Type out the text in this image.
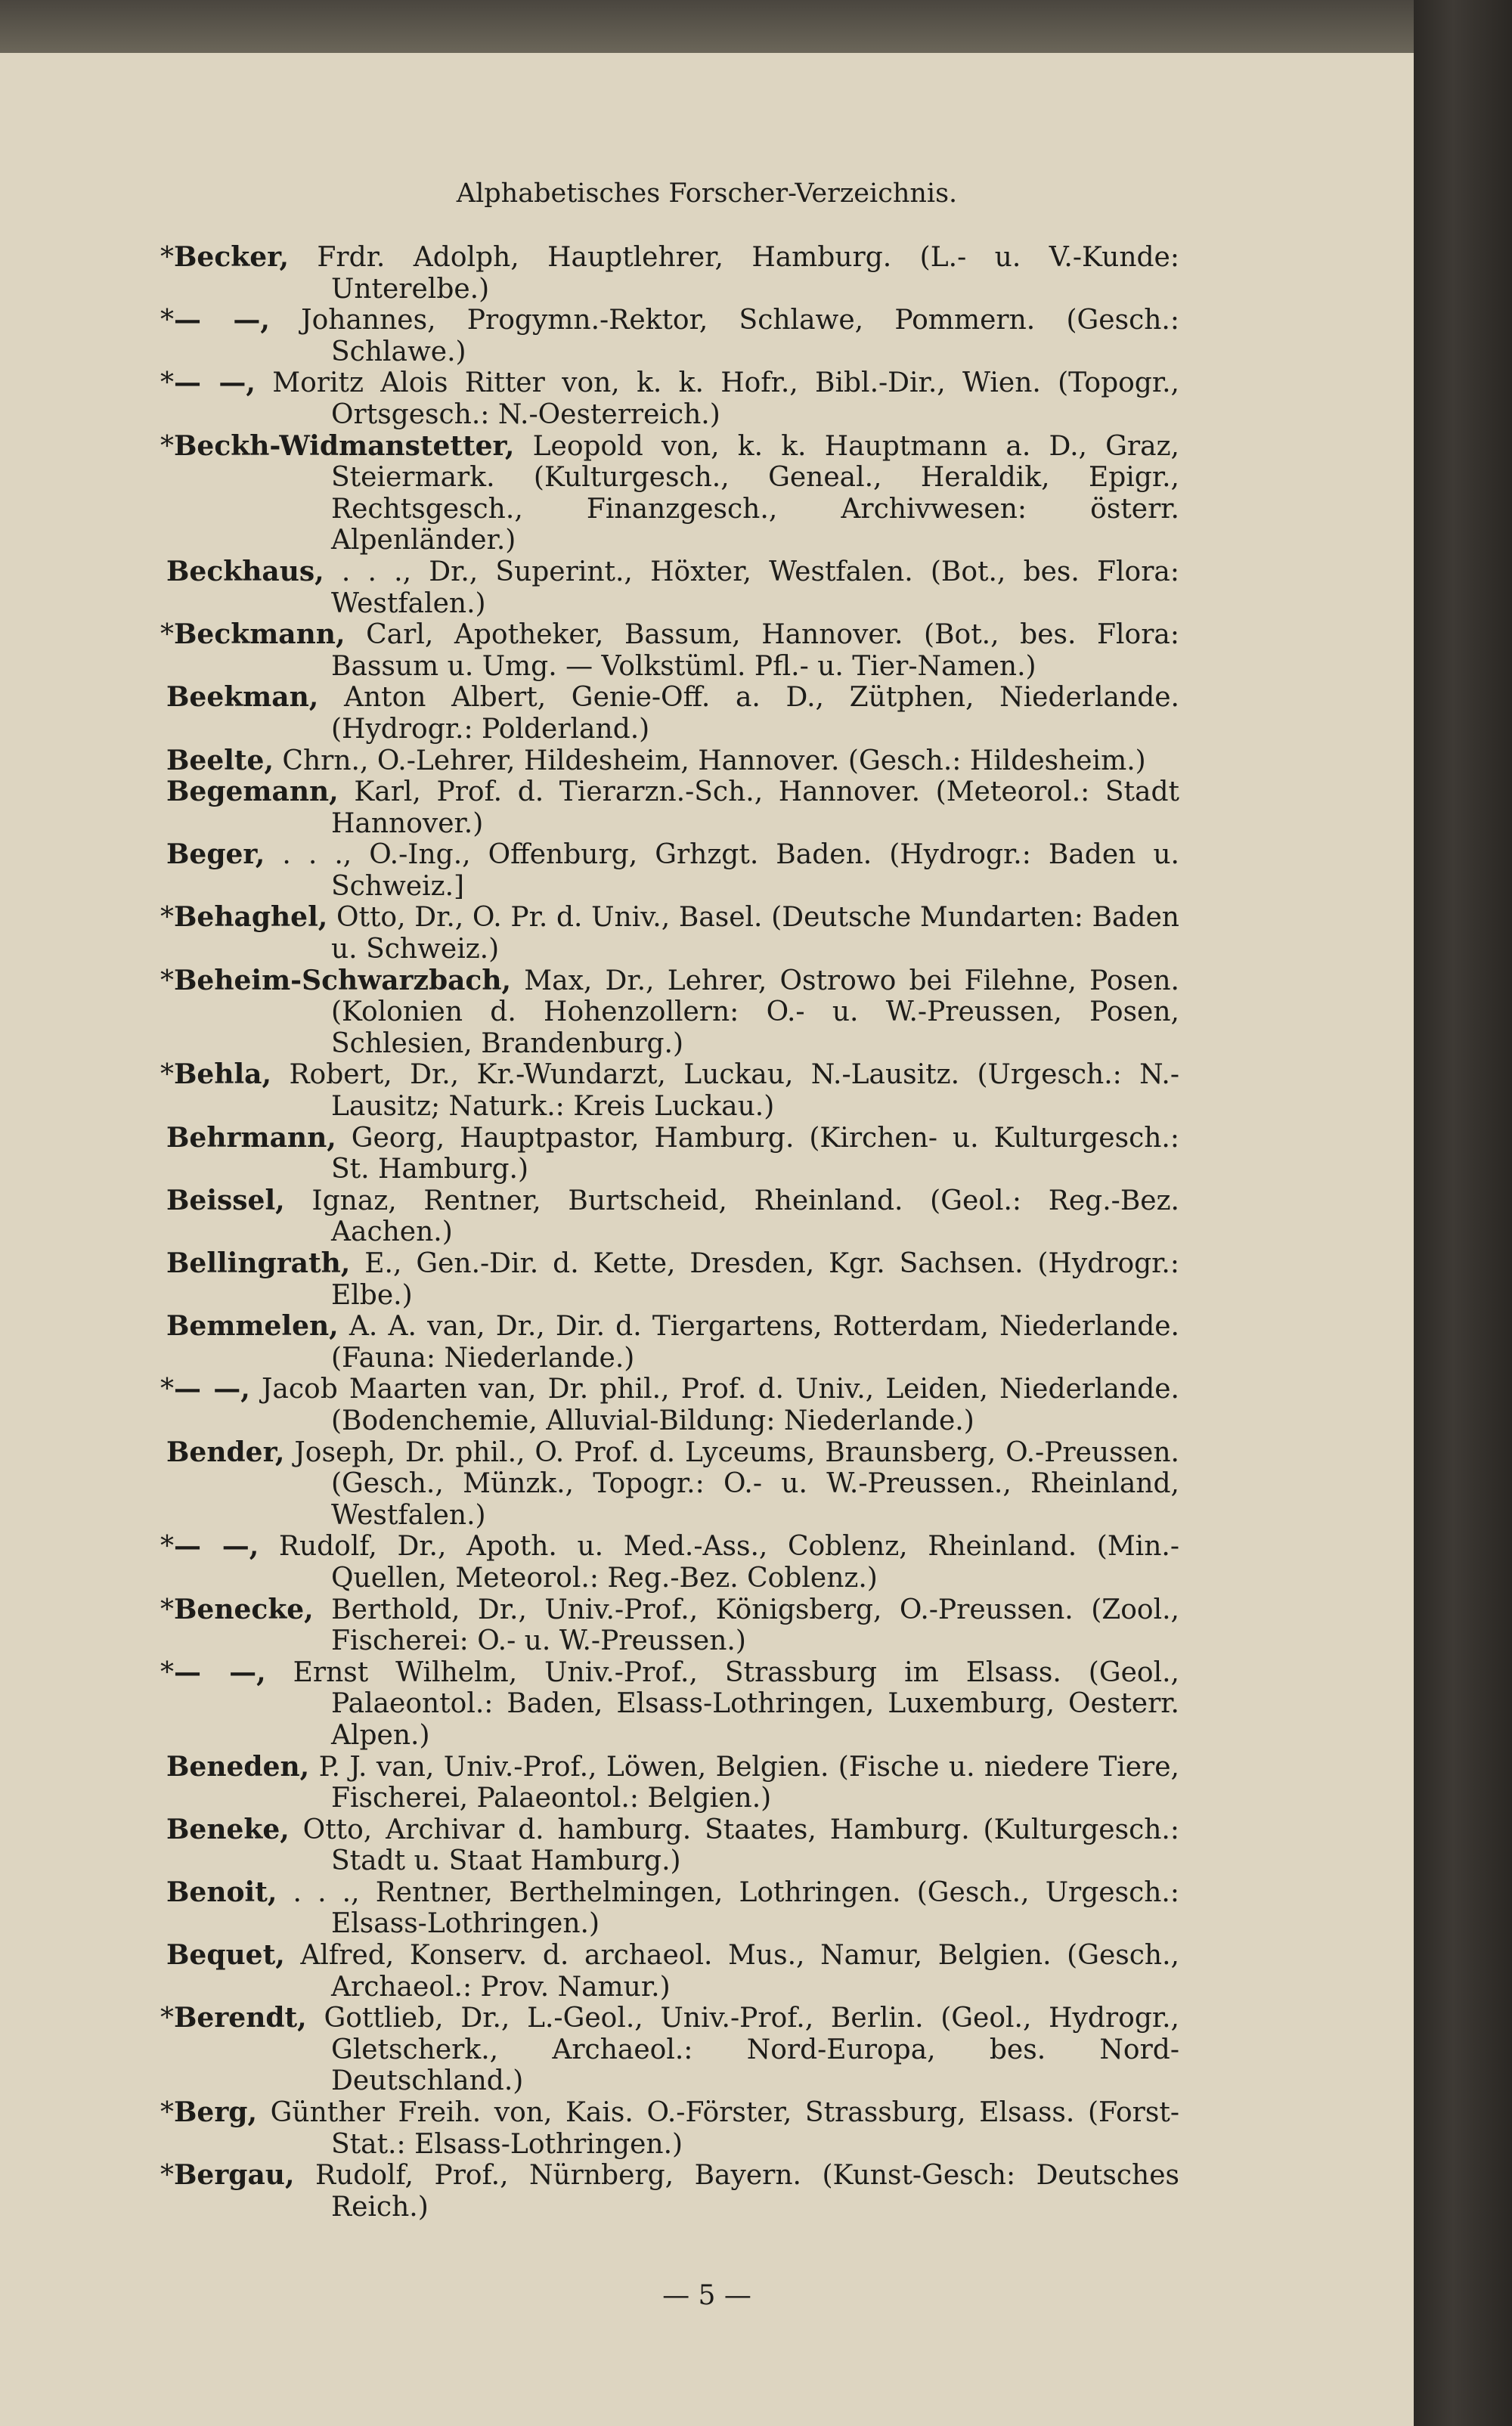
Alphabetisches Forscher-Verzeichnis.

*Becker, Frdr. Adolph, Hauptlehrer, Hamburg. (L.- u. V.-Kunde: Unterelbe.)

*— —, Johannes, Progymn.-Rektor, Schlawe, Pommern. (Gesch.: Schlawe.)

*— —, Moritz Alois Ritter von, k. k. Hofr., Bibl.-Dir., Wien. (Topogr., Ortsgesch.: N.-Oesterreich.)

*Beckh-Widmanstetter, Leopold von, k. k. Hauptmann a. D., Graz, Steiermark. (Kulturgesch., Geneal., Heraldik, Epigr., Rechtsgesch., Finanzgesch., Archivwesen: österr. Alpenländer.)

Beckhaus, . . ., Dr., Superint., Höxter, Westfalen. (Bot., bes. Flora: Westfalen.)

*Beckmann, Carl, Apotheker, Bassum, Hannover. (Bot., bes. Flora: Bassum u. Umg. — Volkstüml. Pfl.- u. Tier-Namen.)

Beekman, Anton Albert, Genie-Off. a. D., Zütphen, Niederlande. (Hydrogr.: Polderland.)

Beelte, Chrn., O.-Lehrer, Hildesheim, Hannover. (Gesch.: Hildesheim.)

Begemann, Karl, Prof. d. Tierarzn.-Sch., Hannover. (Meteorol.: Stadt Hannover.)

Beger, . . ., O.-Ing., Offenburg, Grhzgt. Baden. (Hydrogr.: Baden u. Schweiz.]

*Behaghel, Otto, Dr., O. Pr. d. Univ., Basel. (Deutsche Mundarten: Baden u. Schweiz.)

*Beheim-Schwarzbach, Max, Dr., Lehrer, Ostrowo bei Filehne, Posen. (Kolonien d. Hohenzollern: O.- u. W.-Preussen, Posen, Schlesien, Brandenburg.)

*Behla, Robert, Dr., Kr.-Wundarzt, Luckau, N.-Lausitz. (Urgesch.: N.-Lausitz; Naturk.: Kreis Luckau.)

Behrmann, Georg, Hauptpastor, Hamburg. (Kirchen- u. Kulturgesch.: St. Hamburg.)

Beissel, Ignaz, Rentner, Burtscheid, Rheinland. (Geol.: Reg.-Bez. Aachen.)

Bellingrath, E., Gen.-Dir. d. Kette, Dresden, Kgr. Sachsen. (Hydrogr.: Elbe.)

Bemmelen, A. A. van, Dr., Dir. d. Tiergartens, Rotterdam, Niederlande. (Fauna: Niederlande.)

*— —, Jacob Maarten van, Dr. phil., Prof. d. Univ., Leiden, Niederlande. (Bodenchemie, Alluvial-Bildung: Niederlande.)

Bender, Joseph, Dr. phil., O. Prof. d. Lyceums, Braunsberg, O.-Preussen. (Gesch., Münzk., Topogr.: O.- u. W.-Preussen., Rheinland, Westfalen.)

*— —, Rudolf, Dr., Apoth. u. Med.-Ass., Coblenz, Rheinland. (Min.-Quellen, Meteorol.: Reg.-Bez. Coblenz.)

*Benecke, Berthold, Dr., Univ.-Prof., Königsberg, O.-Preussen. (Zool., Fischerei: O.- u. W.-Preussen.)

*— —, Ernst Wilhelm, Univ.-Prof., Strassburg im Elsass. (Geol., Palaeontol.: Baden, Elsass-Lothringen, Luxemburg, Oesterr. Alpen.)

Beneden, P. J. van, Univ.-Prof., Löwen, Belgien. (Fische u. niedere Tiere, Fischerei, Palaeontol.: Belgien.)

Beneke, Otto, Archivar d. hamburg. Staates, Hamburg. (Kulturgesch.: Stadt u. Staat Hamburg.)

Benoit, . . ., Rentner, Berthelmingen, Lothringen. (Gesch., Urgesch.: Elsass-Lothringen.)

Bequet, Alfred, Konserv. d. archaeol. Mus., Namur, Belgien. (Gesch., Archaeol.: Prov. Namur.)

*Berendt, Gottlieb, Dr., L.-Geol., Univ.-Prof., Berlin. (Geol., Hydrogr., Gletscherk., Archaeol.: Nord-Europa, bes. Nord-Deutschland.)

*Berg, Günther Freih. von, Kais. O.-Förster, Strassburg, Elsass. (Forst-Stat.: Elsass-Lothringen.)

*Bergau, Rudolf, Prof., Nürnberg, Bayern. (Kunst-Gesch: Deutsches Reich.)

— 5 —
